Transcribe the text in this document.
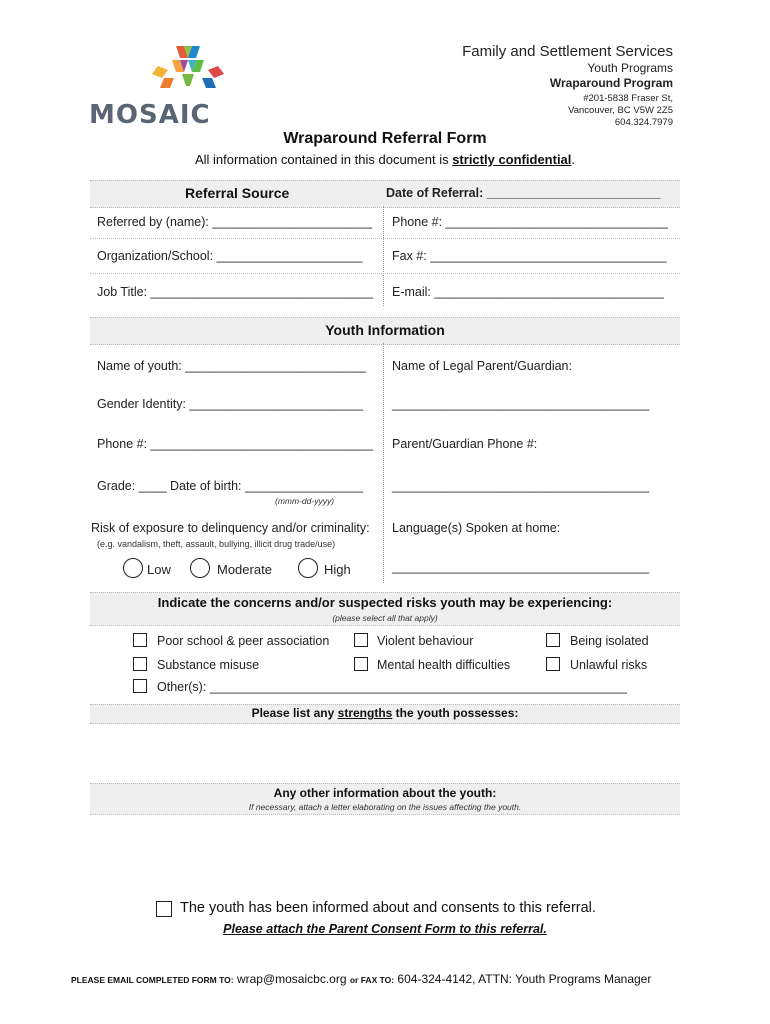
MOSAIC
Family and Settlement Services
Youth Programs
Wraparound Program
#201-5838 Fraser St,
Vancouver, BC V5W 2Z5
604.324.7979
Wraparound Referral Form
All information contained in this document is strictly confidential.
Referral Source	Date of Referral: _________________________
Referred by (name): _______________________ Phone #: ________________________________
Organization/School: _____________________ Fax #: __________________________________
Job Title: ________________________________ E-mail: _________________________________
Youth Information
Name of youth: __________________________ Name of Legal Parent/Guardian:
Gender Identity: _________________________ _____________________________________
Phone #: ________________________________ Parent/Guardian Phone #:
Grade: ____ Date of birth: _________________
(mmm-dd-yyyy)
_____________________________________
Risk of exposure to delinquency and/or criminality:
(e.g. vandalism, theft, assault, bullying, illicit drug trade/use)
Language(s) Spoken at home:
_____________________________________
Low	Moderate	High
Indicate the concerns and/or suspected risks youth may be experiencing:
(please select all that apply)
Poor school & peer association	Violent behaviour	Being isolated
Substance misuse	Mental health difficulties	Unlawful risks
Other(s): ____________________________________________________________
Please list any strengths the youth possesses:
Any other information about the youth:
If necessary, attach a letter elaborating on the issues affecting the youth.
The youth has been informed about and consents to this referral.
Please attach the Parent Consent Form to this referral.
PLEASE EMAIL COMPLETED FORM TO: wrap@mosaicbc.org or FAX TO: 604-324-4142, ATTN: Youth Programs Manager
